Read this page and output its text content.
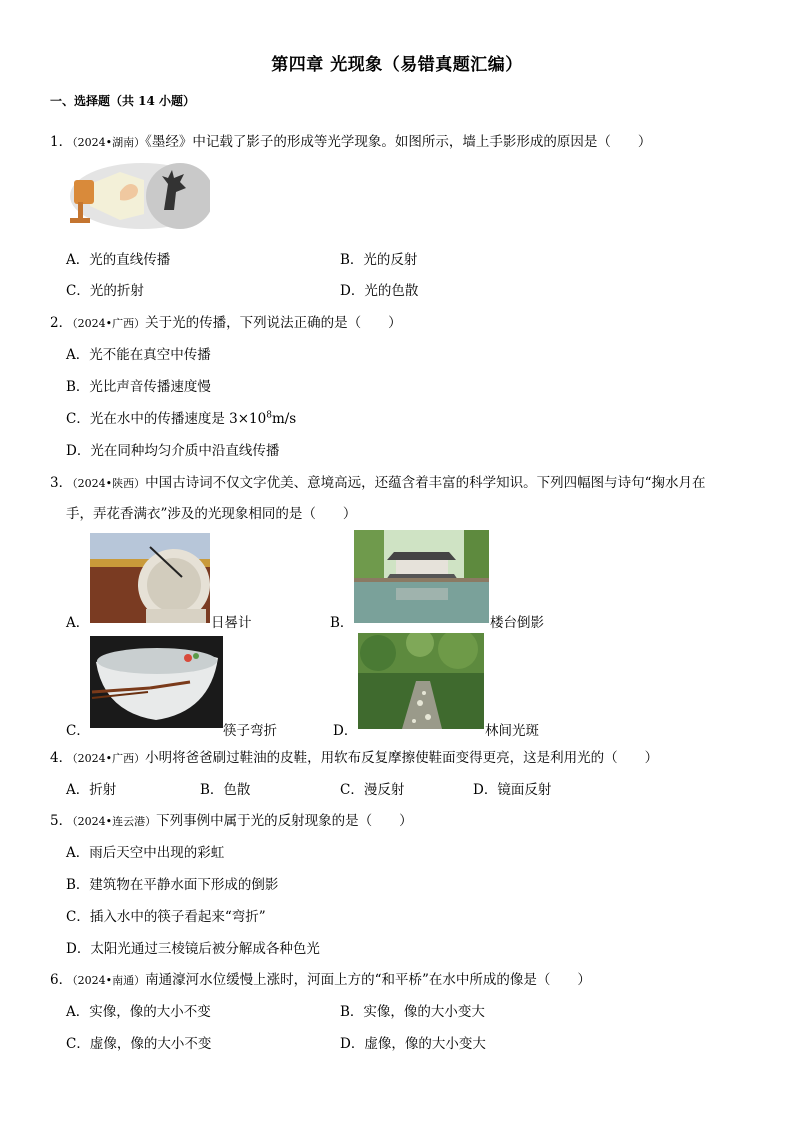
第四章 光现象（易错真题汇编）
一、选择题（共 14 小题）
1．（2024•湖南）《墨经》中记载了影子的形成等光学现象。如图所示，墙上手影形成的原因是（　　）
A．光的直线传播	B．光的反射
C．光的折射	D．光的色散
2．（2024•广西）关于光的传播，下列说法正确的是（　　）
A．光不能在真空中传播
B．光比声音传播速度慢
C．光在水中的传播速度是 $3\times 10^8m/s$
D．光在同种均匀介质中沿直线传播
3．（2024•陕西）中国古诗词不仅文字优美、意境高远，还蕴含着丰富的科学知识。下列四幅图与诗句“掬水月在
手，弄花香满衣”涉及的光现象相同的是（　　）
A．	日晷计	B．	楼台倒影
C．	筷子弯折	D．	林间光斑
4．（2024•广西）小明将爸爸刷过鞋油的皮鞋，用软布反复摩擦使鞋面变得更亮，这是利用光的（　　）
A．折射	B．色散	C．漫反射	D．镜面反射
5．（2024•连云港）下列事例中属于光的反射现象的是（　　）
A．雨后天空中出现的彩虹
B．建筑物在平静水面下形成的倒影
C．插入水中的筷子看起来“弯折”
D．太阳光通过三棱镜后被分解成各种色光
6．（2024•南通）南通濠河水位缓慢上涨时，河面上方的“和平桥”在水中所成的像是（　　）
A．实像，像的大小不变	B．实像，像的大小变大
C．虚像，像的大小不变	D．虚像，像的大小变大
